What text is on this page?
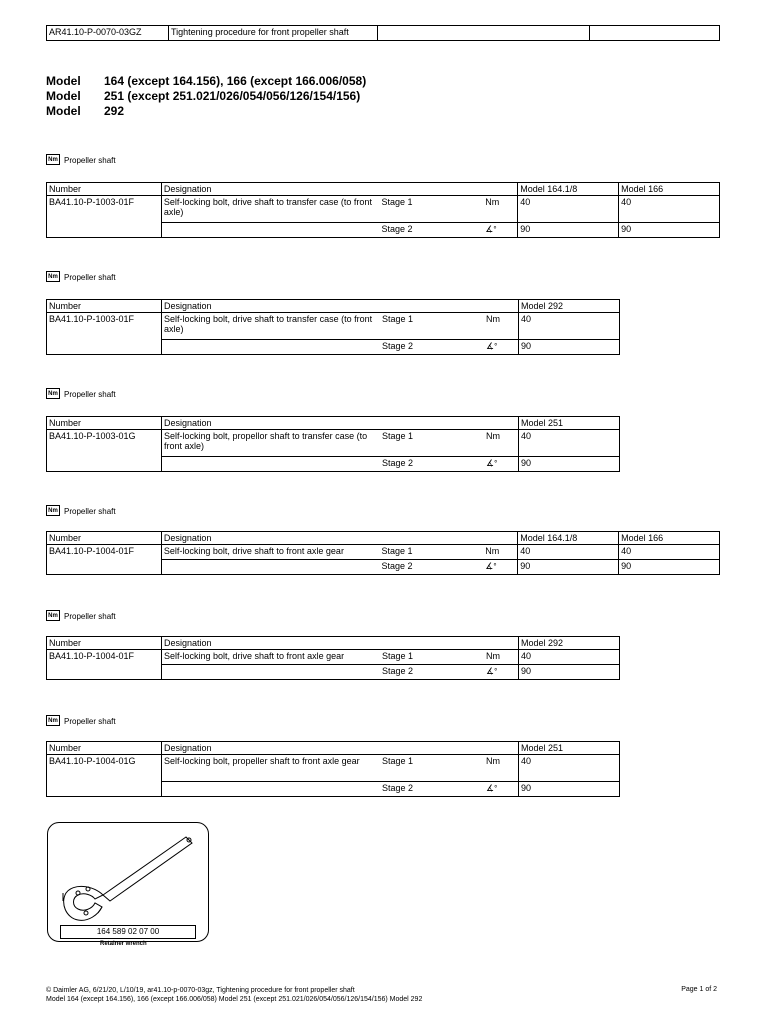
AR41.10-P-0070-03GZ	Tightening procedure for front propeller shaft		
Model 164 (except 164.156), 166 (except 166.006/058)
Model 251 (except 251.021/026/054/056/126/154/156)
Model 292
Nm Propeller shaft
Number	Designation			Model 164.1/8	Model 166
BA41.10-P-1003-01F	Self-locking bolt, drive shaft to transfer case (to front axle)	Stage 1	Nm	40	40
		Stage 2	∡°	90	90
Nm Propeller shaft
Number	Designation			Model 292
BA41.10-P-1003-01F	Self-locking bolt, drive shaft to transfer case (to front axle)	Stage 1	Nm	40
		Stage 2	∡°	90
Nm Propeller shaft
Number	Designation			Model 251
BA41.10-P-1003-01G	Self-locking bolt, propellor shaft to transfer case (to front axle)	Stage 1	Nm	40
		Stage 2	∡°	90
Nm Propeller shaft
Number	Designation			Model 164.1/8	Model 166
BA41.10-P-1004-01F	Self-locking bolt, drive shaft to front axle gear	Stage 1	Nm	40	40
		Stage 2	∡°	90	90
Nm Propeller shaft
Number	Designation			Model 292
BA41.10-P-1004-01F	Self-locking bolt, drive shaft to front axle gear	Stage 1	Nm	40
		Stage 2	∡°	90
Nm Propeller shaft
Number	Designation			Model 251
BA41.10-P-1004-01G	Self-locking bolt, propeller shaft to front axle gear	Stage 1	Nm	40
		Stage 2	∡°	90
164 589 02 07 00
Retainer wrench
© Daimler AG, 6/21/20, L/10/19, ar41.10-p-0070-03gz, Tightening procedure for front propeller shaft
Model 164 (except 164.156), 166 (except 166.006/058) Model 251 (except 251.021/026/054/056/126/154/156) Model 292
Page 1 of 2
